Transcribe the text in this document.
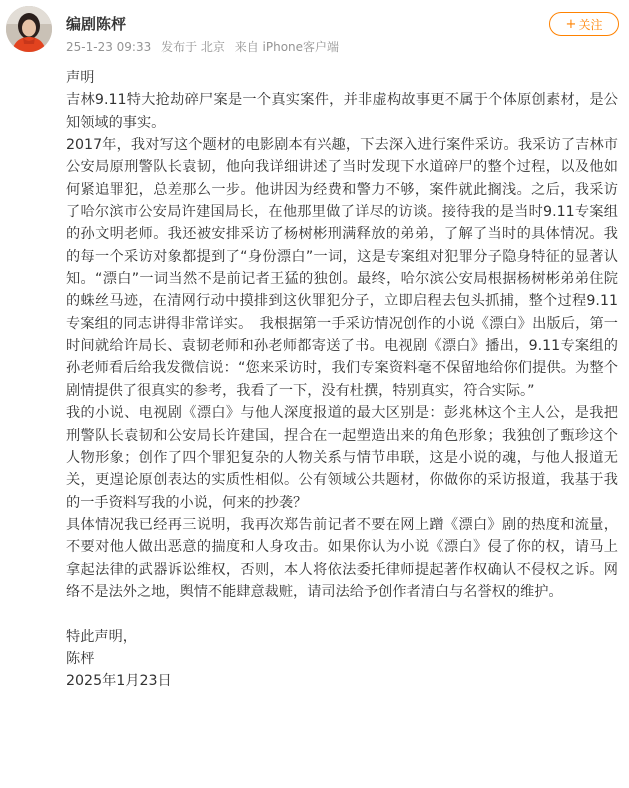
编剧陈枰
25-1-23 09:33 发布于 北京 来自 iPhone客户端
+ 关注

声明

吉林9.11特大抢劫碎尸案是一个真实案件，并非虚构故事更不属于个体原创素材，是公知领域的事实。

2017年，我对写这个题材的电影剧本有兴趣，下去深入进行案件采访。我采访了吉林市公安局原刑警队长袁韧，他向我详细讲述了当时发现下水道碎尸的整个过程，以及他如何紧追罪犯，总差那么一步。他讲因为经费和警力不够，案件就此搁浅。之后，我采访了哈尔滨市公安局许建国局长，在他那里做了详尽的访谈。接待我的是当时9.11专案组的孙文明老师。我还被安排采访了杨树彬刑满释放的弟弟，了解了当时的具体情况。我的每一个采访对象都提到了“身份漂白”一词，这是专案组对犯罪分子隐身特征的显著认知。“漂白”一词当然不是前记者王猛的独创。最终，哈尔滨公安局根据杨树彬弟弟住院的蛛丝马迹，在清网行动中摸排到这伙罪犯分子，立即启程去包头抓捕，整个过程9.11专案组的同志讲得非常详实。　我根据第一手采访情况创作的小说《漂白》出版后，第一时间就给许局长、袁韧老师和孙老师都寄送了书。电视剧《漂白》播出，9.11专案组的孙老师看后给我发微信说：“您来采访时，我们专案资料毫不保留地给你们提供。为整个剧情提供了很真实的参考，我看了一下，没有杜撰，特别真实，符合实际。”

我的小说、电视剧《漂白》与他人深度报道的最大区别是：彭兆林这个主人公，是我把刑警队长袁韧和公安局长许建国，捏合在一起塑造出来的角色形象；我独创了甄珍这个人物形象；创作了四个罪犯复杂的人物关系与情节串联，这是小说的魂，与他人报道无关，更遑论原创表达的实质性相似。公有领域公共题材，你做你的采访报道，我基于我的一手资料写我的小说，何来的抄袭？

具体情况我已经再三说明，我再次郑告前记者不要在网上蹭《漂白》剧的热度和流量，不要对他人做出恶意的揣度和人身攻击。如果你认为小说《漂白》侵了你的权，请马上拿起法律的武器诉讼维权，否则，本人将依法委托律师提起著作权确认不侵权之诉。网络不是法外之地，舆情不能肆意裁赃，请司法给予创作者清白与名誉权的维护。

特此声明，

陈枰

2025年1月23日
